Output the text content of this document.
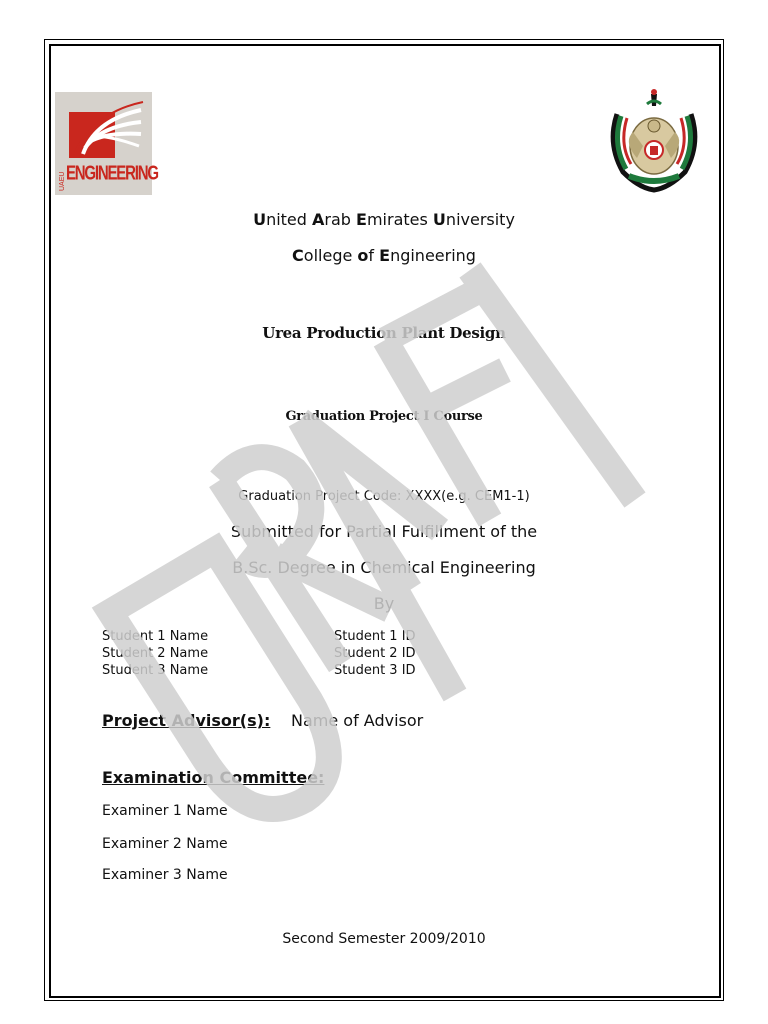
UAEU ENGINEERING
United Arab Emirates University
College of Engineering
Urea Production Plant Design
Graduation Project I Course
Graduation Project Code: XXXX(e.g. CEM1-1)
Submitted for Partial Fulfillment of the
B.Sc. Degree in Chemical Engineering
By
Student 1 Name
Student 2 Name
Student 3 Name
Student 1 ID
Student 2 ID
Student 3 ID
Project Advisor(s): Name of Advisor
Examination Committee:
Examiner 1 Name
Examiner 2 Name
Examiner 3 Name
Second Semester 2009/2010
